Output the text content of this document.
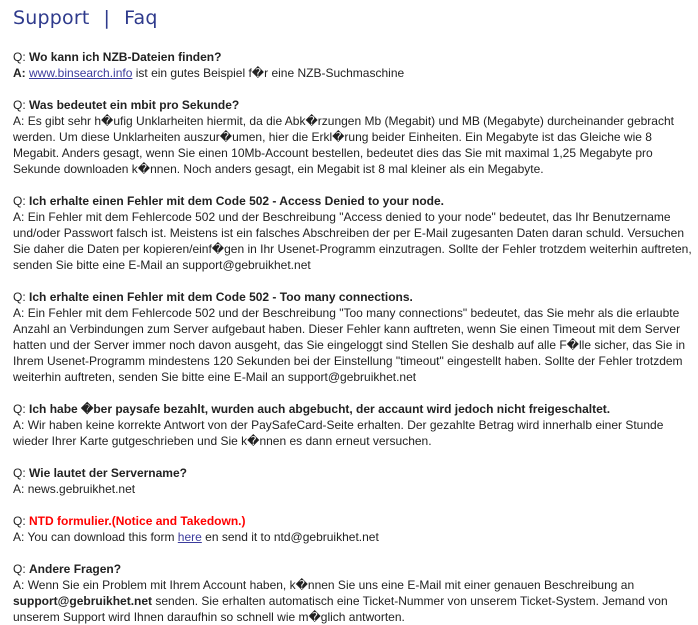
Support | Faq
Q: Wo kann ich NZB-Dateien finden?
A: www.binsearch.info ist ein gutes Beispiel f�r eine NZB-Suchmaschine
Q: Was bedeutet ein mbit pro Sekunde?
A: Es gibt sehr h�ufig Unklarheiten hiermit, da die Abk�rzungen Mb (Megabit) und MB (Megabyte) durcheinander gebracht werden. Um diese Unklarheiten auszur�umen, hier die Erkl�rung beider Einheiten. Ein Megabyte ist das Gleiche wie 8 Megabit. Anders gesagt, wenn Sie einen 10Mb-Account bestellen, bedeutet dies das Sie mit maximal 1,25 Megabyte pro Sekunde downloaden k�nnen. Noch anders gesagt, ein Megabit ist 8 mal kleiner als ein Megabyte.
Q: Ich erhalte einen Fehler mit dem Code 502 - Access Denied to your node.
A: Ein Fehler mit dem Fehlercode 502 und der Beschreibung "Access denied to your node" bedeutet, das Ihr Benutzername und/oder Passwort falsch ist. Meistens ist ein falsches Abschreiben der per E-Mail zugesanten Daten daran schuld. Versuchen Sie daher die Daten per kopieren/einf�gen in Ihr Usenet-Programm einzutragen. Sollte der Fehler trotzdem weiterhin auftreten, senden Sie bitte eine E-Mail an support@gebruikhet.net
Q: Ich erhalte einen Fehler mit dem Code 502 - Too many connections.
A: Ein Fehler mit dem Fehlercode 502 und der Beschreibung "Too many connections" bedeutet, das Sie mehr als die erlaubte Anzahl an Verbindungen zum Server aufgebaut haben. Dieser Fehler kann auftreten, wenn Sie einen Timeout mit dem Server hatten und der Server immer noch davon ausgeht, das Sie eingeloggt sind Stellen Sie deshalb auf alle F�lle sicher, das Sie in Ihrem Usenet-Programm mindestens 120 Sekunden bei der Einstellung "timeout" eingestellt haben. Sollte der Fehler trotzdem weiterhin auftreten, senden Sie bitte eine E-Mail an support@gebruikhet.net
Q: Ich habe �ber paysafe bezahlt, wurden auch abgebucht, der accaunt wird jedoch nicht freigeschaltet.
A: Wir haben keine korrekte Antwort von der PaySafeCard-Seite erhalten. Der gezahlte Betrag wird innerhalb einer Stunde wieder Ihrer Karte gutgeschrieben und Sie k�nnen es dann erneut versuchen.
Q: Wie lautet der Servername?
A: news.gebruikhet.net
Q: NTD formulier.(Notice and Takedown.)
A: You can download this form here en send it to ntd@gebruikhet.net
Q: Andere Fragen?
A: Wenn Sie ein Problem mit Ihrem Account haben, k�nnen Sie uns eine E-Mail mit einer genauen Beschreibung an support@gebruikhet.net senden. Sie erhalten automatisch eine Ticket-Nummer von unserem Ticket-System. Jemand von unserem Support wird Ihnen daraufhin so schnell wie m�glich antworten.
